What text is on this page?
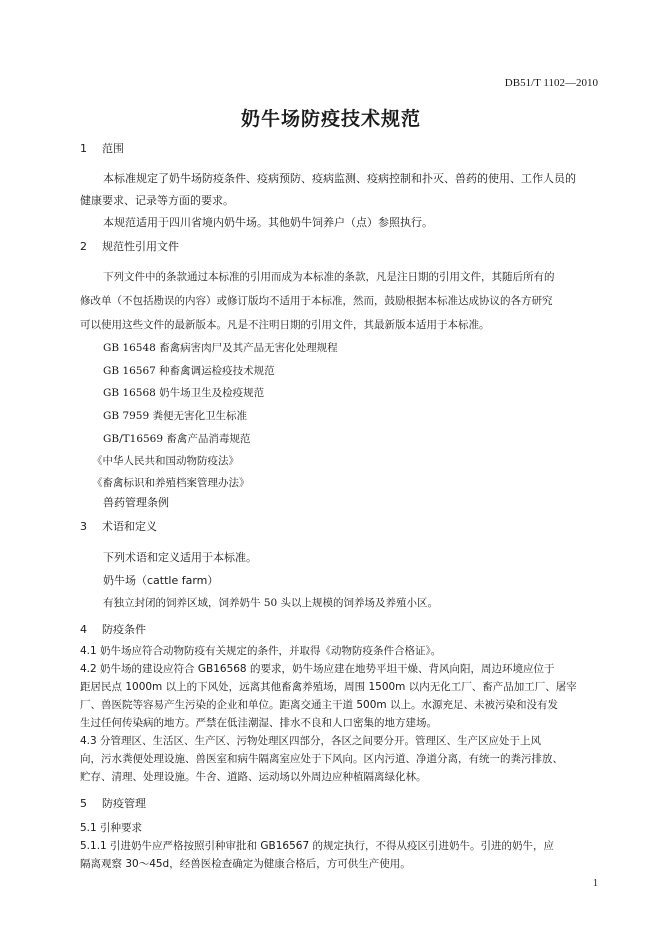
DB51/T 1102—2010
奶牛场防疫技术规范
1 范围
本标准规定了奶牛场防疫条件、疫病预防、疫病监测、疫病控制和扑灭、兽药的使用、工作人员的
健康要求、记录等方面的要求。
本规范适用于四川省境内奶牛场。其他奶牛饲养户（点）参照执行。
2 规范性引用文件
下列文件中的条款通过本标准的引用而成为本标准的条款，凡是注日期的引用文件，其随后所有的
修改单（不包括勘误的内容）或修订版均不适用于本标准，然而，鼓励根据本标准达成协议的各方研究
可以使用这些文件的最新版本。凡是不注明日期的引用文件，其最新版本适用于本标准。
GB 16548 畜禽病害肉尸及其产品无害化处理规程
GB 16567 种畜禽调运检疫技术规范
GB 16568 奶牛场卫生及检疫规范
GB 7959 粪便无害化卫生标准
GB/T16569 畜禽产品消毒规范
《中华人民共和国动物防疫法》
《畜禽标识和养殖档案管理办法》
兽药管理条例
3 术语和定义
下列术语和定义适用于本标准。
奶牛场（cattle farm）
有独立封闭的饲养区域，饲养奶牛 50 头以上规模的饲养场及养殖小区。
4 防疫条件
4.1 奶牛场应符合动物防疫有关规定的条件，并取得《动物防疫条件合格证》。
4.2 奶牛场的建设应符合 GB16568 的要求，奶牛场应建在地势平坦干燥、背风向阳，周边环境应位于
距居民点 1000m 以上的下风处，远离其他畜禽养殖场，周围 1500m 以内无化工厂、畜产品加工厂、屠宰
厂、兽医院等容易产生污染的企业和单位。距离交通主干道 500m 以上。水源充足、未被污染和没有发
生过任何传染病的地方。严禁在低洼潮湿、排水不良和人口密集的地方建场。
4.3 分管理区、生活区、生产区、污物处理区四部分，各区之间要分开。管理区、生产区应处于上风
向，污水粪便处理设施、兽医室和病牛隔离室应处于下风向。区内污道、净道分离，有统一的粪污排放、
贮存、清理、处理设施。牛舍、道路、运动场以外周边应种植隔离绿化林。
5 防疫管理
5.1 引种要求
5.1.1 引进奶牛应严格按照引种审批和 GB16567 的规定执行，不得从疫区引进奶牛。引进的奶牛，应
隔离观察 30～45d，经兽医检查确定为健康合格后，方可供生产使用。
1
